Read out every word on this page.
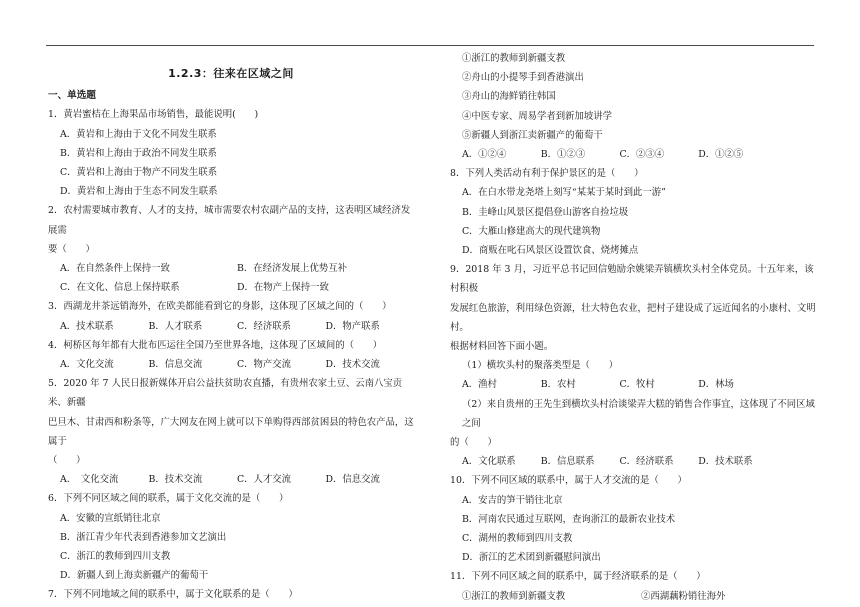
1.2.3：往来在区域之间
一、单选题
1．黄岩蜜桔在上海果品市场销售，最能说明(　　)
A．黄岩和上海由于文化不同发生联系
B．黄岩和上海由于政治不同发生联系
C．黄岩和上海由于物产不同发生联系
D．黄岩和上海由于生态不同发生联系
2．农村需要城市教育、人才的支持，城市需要农村农副产品的支持，这表明区域经济发展需
要（　　）
A．在自然条件上保持一致	B．在经济发展上优势互补
C．在文化、信息上保持联系	D．在物产上保持一致
3．西湖龙井茶远销海外，在欧美都能看到它的身影，这体现了区域之间的（　　）
A．技术联系	B．人才联系	C．经济联系	D．物产联系
4．柯桥区每年都有大批布匹运往全国乃至世界各地，这体现了区域间的（　　）
A．文化交流	B．信息交流	C．物产交流	D．技术交流
5．2020 年 7 人民日报新媒体开启公益扶贫助农直播，有贵州农家土豆、云南八宝贡米、新疆
巴旦木、甘肃西和粉条等，广大网友在网上就可以下单购得西部贫困县的特色农产品，这属于
（　　）
A．　文化交流	B．技术交流	C．人才交流	D．信息交流
6．下列不同区域之间的联系，属于文化交流的是（　　）
A．安徽的宣纸销往北京
B．浙江青少年代表到香港参加文艺演出
C．浙江的教师到四川支教
D．新疆人到上海卖新疆产的葡萄干
7．下列不同地域之间的联系中，属于文化联系的是（　　）
①浙江的教师到新疆支教
②舟山的小提琴手到香港演出
③舟山的海鲜销往韩国
④中医专家、周易学者到新加坡讲学
⑤新疆人到浙江卖新疆产的葡萄干
A．①②④	B．①②③	C．②③④	D．①②⑤
8．下列人类活动有利于保护景区的是（　　）
A．在白水带龙尧塔上刻写“某某于某时到此一游”
B．圭峰山风景区提倡登山游客自捡垃圾
C．大雁山修建高大的现代建筑物
D．商贩在叱石风景区设置饮食、烧烤摊点
9．2018 年 3 月，习近平总书记回信勉励余姚梁弄镇横坎头村全体党员。十五年来，该村积极
发展红色旅游，利用绿色资源，壮大特色农业，把村子建设成了远近闻名的小康村、文明村。
根据材料回答下面小题。
（1）横坎头村的聚落类型是（　　）
A．渔村	B．农村	C．牧村	D．林场
（2）来自贵州的王先生到横坎头村洽谈梁弄大糕的销售合作事宜，这体现了不同区域之间
的（　　）
A．文化联系	B．信息联系	C．经济联系	D．技术联系
10．下列不同区域的联系中，属于人才交流的是（　　）
A．安吉的笋干销往北京
B．河南农民通过互联网，查询浙江的最新农业技术
C．湖州的教师到四川支教
D．浙江的艺术团到新疆慰问演出
11．下列不同区域之间的联系中，属于经济联系的是（　　）
①浙江的教师到新疆支教	②西湖藕粉销往海外
